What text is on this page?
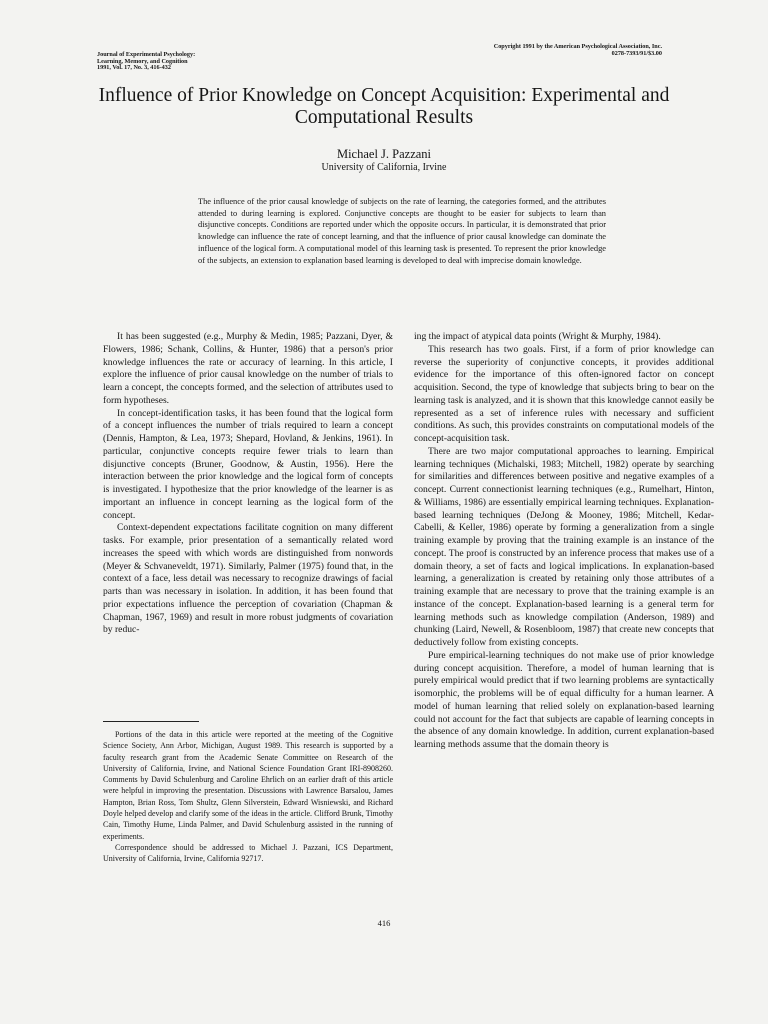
Journal of Experimental Psychology:
Learning, Memory, and Cognition
1991, Vol. 17, No. 3, 416-432
Copyright 1991 by the American Psychological Association, Inc.
0278-7393/91/$3.00
Influence of Prior Knowledge on Concept Acquisition: Experimental and Computational Results
Michael J. Pazzani
University of California, Irvine
The influence of the prior causal knowledge of subjects on the rate of learning, the categories formed, and the attributes attended to during learning is explored. Conjunctive concepts are thought to be easier for subjects to learn than disjunctive concepts. Conditions are reported under which the opposite occurs. In particular, it is demonstrated that prior knowledge can influence the rate of concept learning, and that the influence of prior causal knowledge can dominate the influence of the logical form. A computational model of this learning task is presented. To represent the prior knowledge of the subjects, an extension to explanation based learning is developed to deal with imprecise domain knowledge.

It has been suggested (e.g., Murphy & Medin, 1985; Pazzani, Dyer, & Flowers, 1986; Schank, Collins, & Hunter, 1986) that a person's prior knowledge influences the rate or accuracy of learning. In this article, I explore the influence of prior causal knowledge on the number of trials to learn a concept, the concepts formed, and the selection of attributes used to form hypotheses.

In concept-identification tasks, it has been found that the logical form of a concept influences the number of trials required to learn a concept (Dennis, Hampton, & Lea, 1973; Shepard, Hovland, & Jenkins, 1961). In particular, conjunctive concepts require fewer trials to learn than disjunctive concepts (Bruner, Goodnow, & Austin, 1956). Here the interaction between the prior knowledge and the logical form of concepts is investigated. I hypothesize that the prior knowledge of the learner is as important an influence in concept learning as the logical form of the concept.

Context-dependent expectations facilitate cognition on many different tasks. For example, prior presentation of a semantically related word increases the speed with which words are distinguished from nonwords (Meyer & Schvaneveldt, 1971). Similarly, Palmer (1975) found that, in the context of a face, less detail was necessary to recognize drawings of facial parts than was necessary in isolation. In addition, it has been found that prior expectations influence the perception of covariation (Chapman & Chapman, 1967, 1969) and result in more robust judgments of covariation by reduc-

Portions of the data in this article were reported at the meeting of the Cognitive Science Society, Ann Arbor, Michigan, August 1989. This research is supported by a faculty research grant from the Academic Senate Committee on Research of the University of California, Irvine, and National Science Foundation Grant IRI-8908260. Comments by David Schulenburg and Caroline Ehrlich on an earlier draft of this article were helpful in improving the presentation. Discussions with Lawrence Barsalou, James Hampton, Brian Ross, Tom Shultz, Glenn Silverstein, Edward Wisniewski, and Richard Doyle helped develop and clarify some of the ideas in the article. Clifford Brunk, Timothy Cain, Timothy Hume, Linda Palmer, and David Schulenburg assisted in the running of experiments.

Correspondence should be addressed to Michael J. Pazzani, ICS Department, University of California, Irvine, California 92717.

ing the impact of atypical data points (Wright & Murphy, 1984).

This research has two goals. First, if a form of prior knowledge can reverse the superiority of conjunctive concepts, it provides additional evidence for the importance of this often-ignored factor on concept acquisition. Second, the type of knowledge that subjects bring to bear on the learning task is analyzed, and it is shown that this knowledge cannot easily be represented as a set of inference rules with necessary and sufficient conditions. As such, this provides constraints on computational models of the concept-acquisition task.

There are two major computational approaches to learning. Empirical learning techniques (Michalski, 1983; Mitchell, 1982) operate by searching for similarities and differences between positive and negative examples of a concept. Current connectionist learning techniques (e.g., Rumelhart, Hinton, & Williams, 1986) are essentially empirical learning techniques. Explanation-based learning techniques (DeJong & Mooney, 1986; Mitchell, Kedar-Cabelli, & Keller, 1986) operate by forming a generalization from a single training example by proving that the training example is an instance of the concept. The proof is constructed by an inference process that makes use of a domain theory, a set of facts and logical implications. In explanation-based learning, a generalization is created by retaining only those attributes of a training example that are necessary to prove that the training example is an instance of the concept. Explanation-based learning is a general term for learning methods such as knowledge compilation (Anderson, 1989) and chunking (Laird, Newell, & Rosenbloom, 1987) that create new concepts that deductively follow from existing concepts.

Pure empirical-learning techniques do not make use of prior knowledge during concept acquisition. Therefore, a model of human learning that is purely empirical would predict that if two learning problems are syntactically isomorphic, the problems will be of equal difficulty for a human learner. A model of human learning that relied solely on explanation-based learning could not account for the fact that subjects are capable of learning concepts in the absence of any domain knowledge. In addition, current explanation-based learning methods assume that the domain theory is

416
